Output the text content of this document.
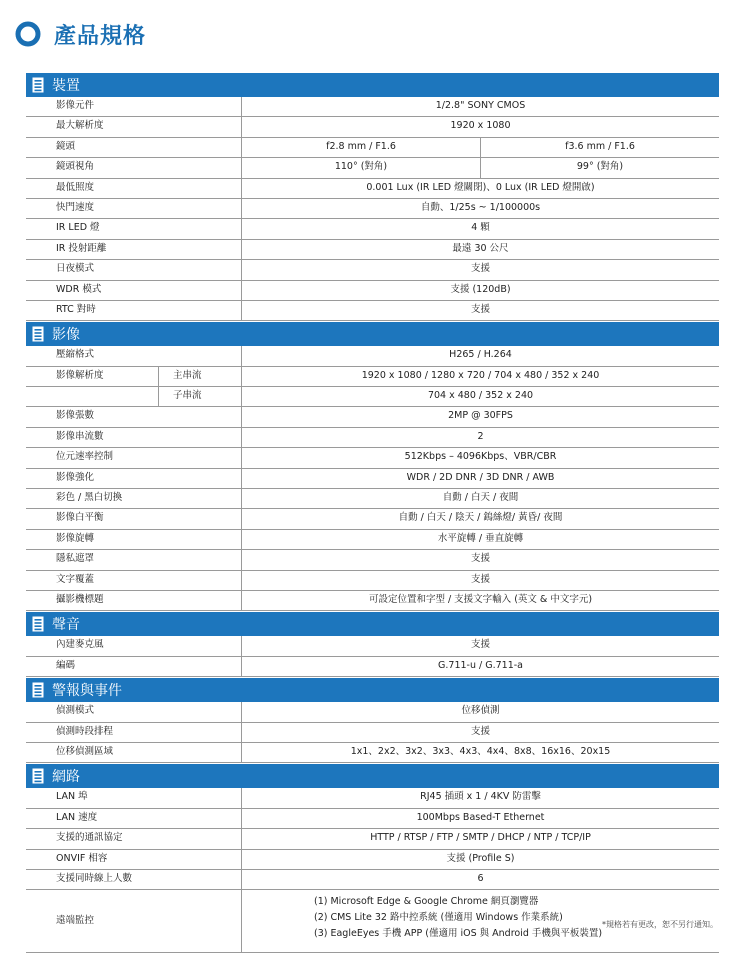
產品規格
裝置
影像元件	1/2.8" SONY CMOS
最大解析度	1920 x 1080
鏡頭	f2.8 mm / F1.6	f3.6 mm / F1.6
鏡頭視角	110° (對角)	99° (對角)
最低照度	0.001 Lux (IR LED 燈關閉)、0 Lux (IR LED 燈開啟)
快門速度	自動、1/25s ~ 1/100000s
IR LED 燈	4 顆
IR 投射距離	最遠 30 公尺
日夜模式	支援
WDR 模式	支援 (120dB)
RTC 對時	支援
影像
壓縮格式	H265 / H.264
影像解析度	主串流	1920 x 1080 / 1280 x 720 / 704 x 480 / 352 x 240
子串流	704 x 480 / 352 x 240
影像張數	2MP @ 30FPS
影像串流數	2
位元速率控制	512Kbps – 4096Kbps、VBR/CBR
影像強化	WDR / 2D DNR / 3D DNR / AWB
彩色 / 黑白切換	自動 / 白天 / 夜間
影像白平衡	自動 / 白天 / 陰天 / 鎢絲燈/ 黃昏/ 夜間
影像旋轉	水平旋轉 / 垂直旋轉
隱私遮罩	支援
文字覆蓋	支援
攝影機標題	可設定位置和字型 / 支援文字輸入 (英文 & 中文字元)
聲音
內建麥克風	支援
編碼	G.711-u / G.711-a
警報與事件
偵測模式	位移偵測
偵測時段排程	支援
位移偵測區域	1x1、2x2、3x2、3x3、4x3、4x4、8x8、16x16、20x15
網路
LAN 埠	RJ45 插頭 x 1 / 4KV 防雷擊
LAN 速度	100Mbps Based-T Ethernet
支援的通訊協定	HTTP / RTSP / FTP / SMTP / DHCP / NTP / TCP/IP
ONVIF 相容	支援 (Profile S)
支援同時線上人數	6
遠端監控
(1) Microsoft Edge & Google Chrome 網頁瀏覽器
(2) CMS Lite 32 路中控系統 (僅適用 Windows 作業系統)
(3) EagleEyes 手機 APP (僅適用 iOS 與 Android 手機與平板裝置)
*規格若有更改，恕不另行通知。
